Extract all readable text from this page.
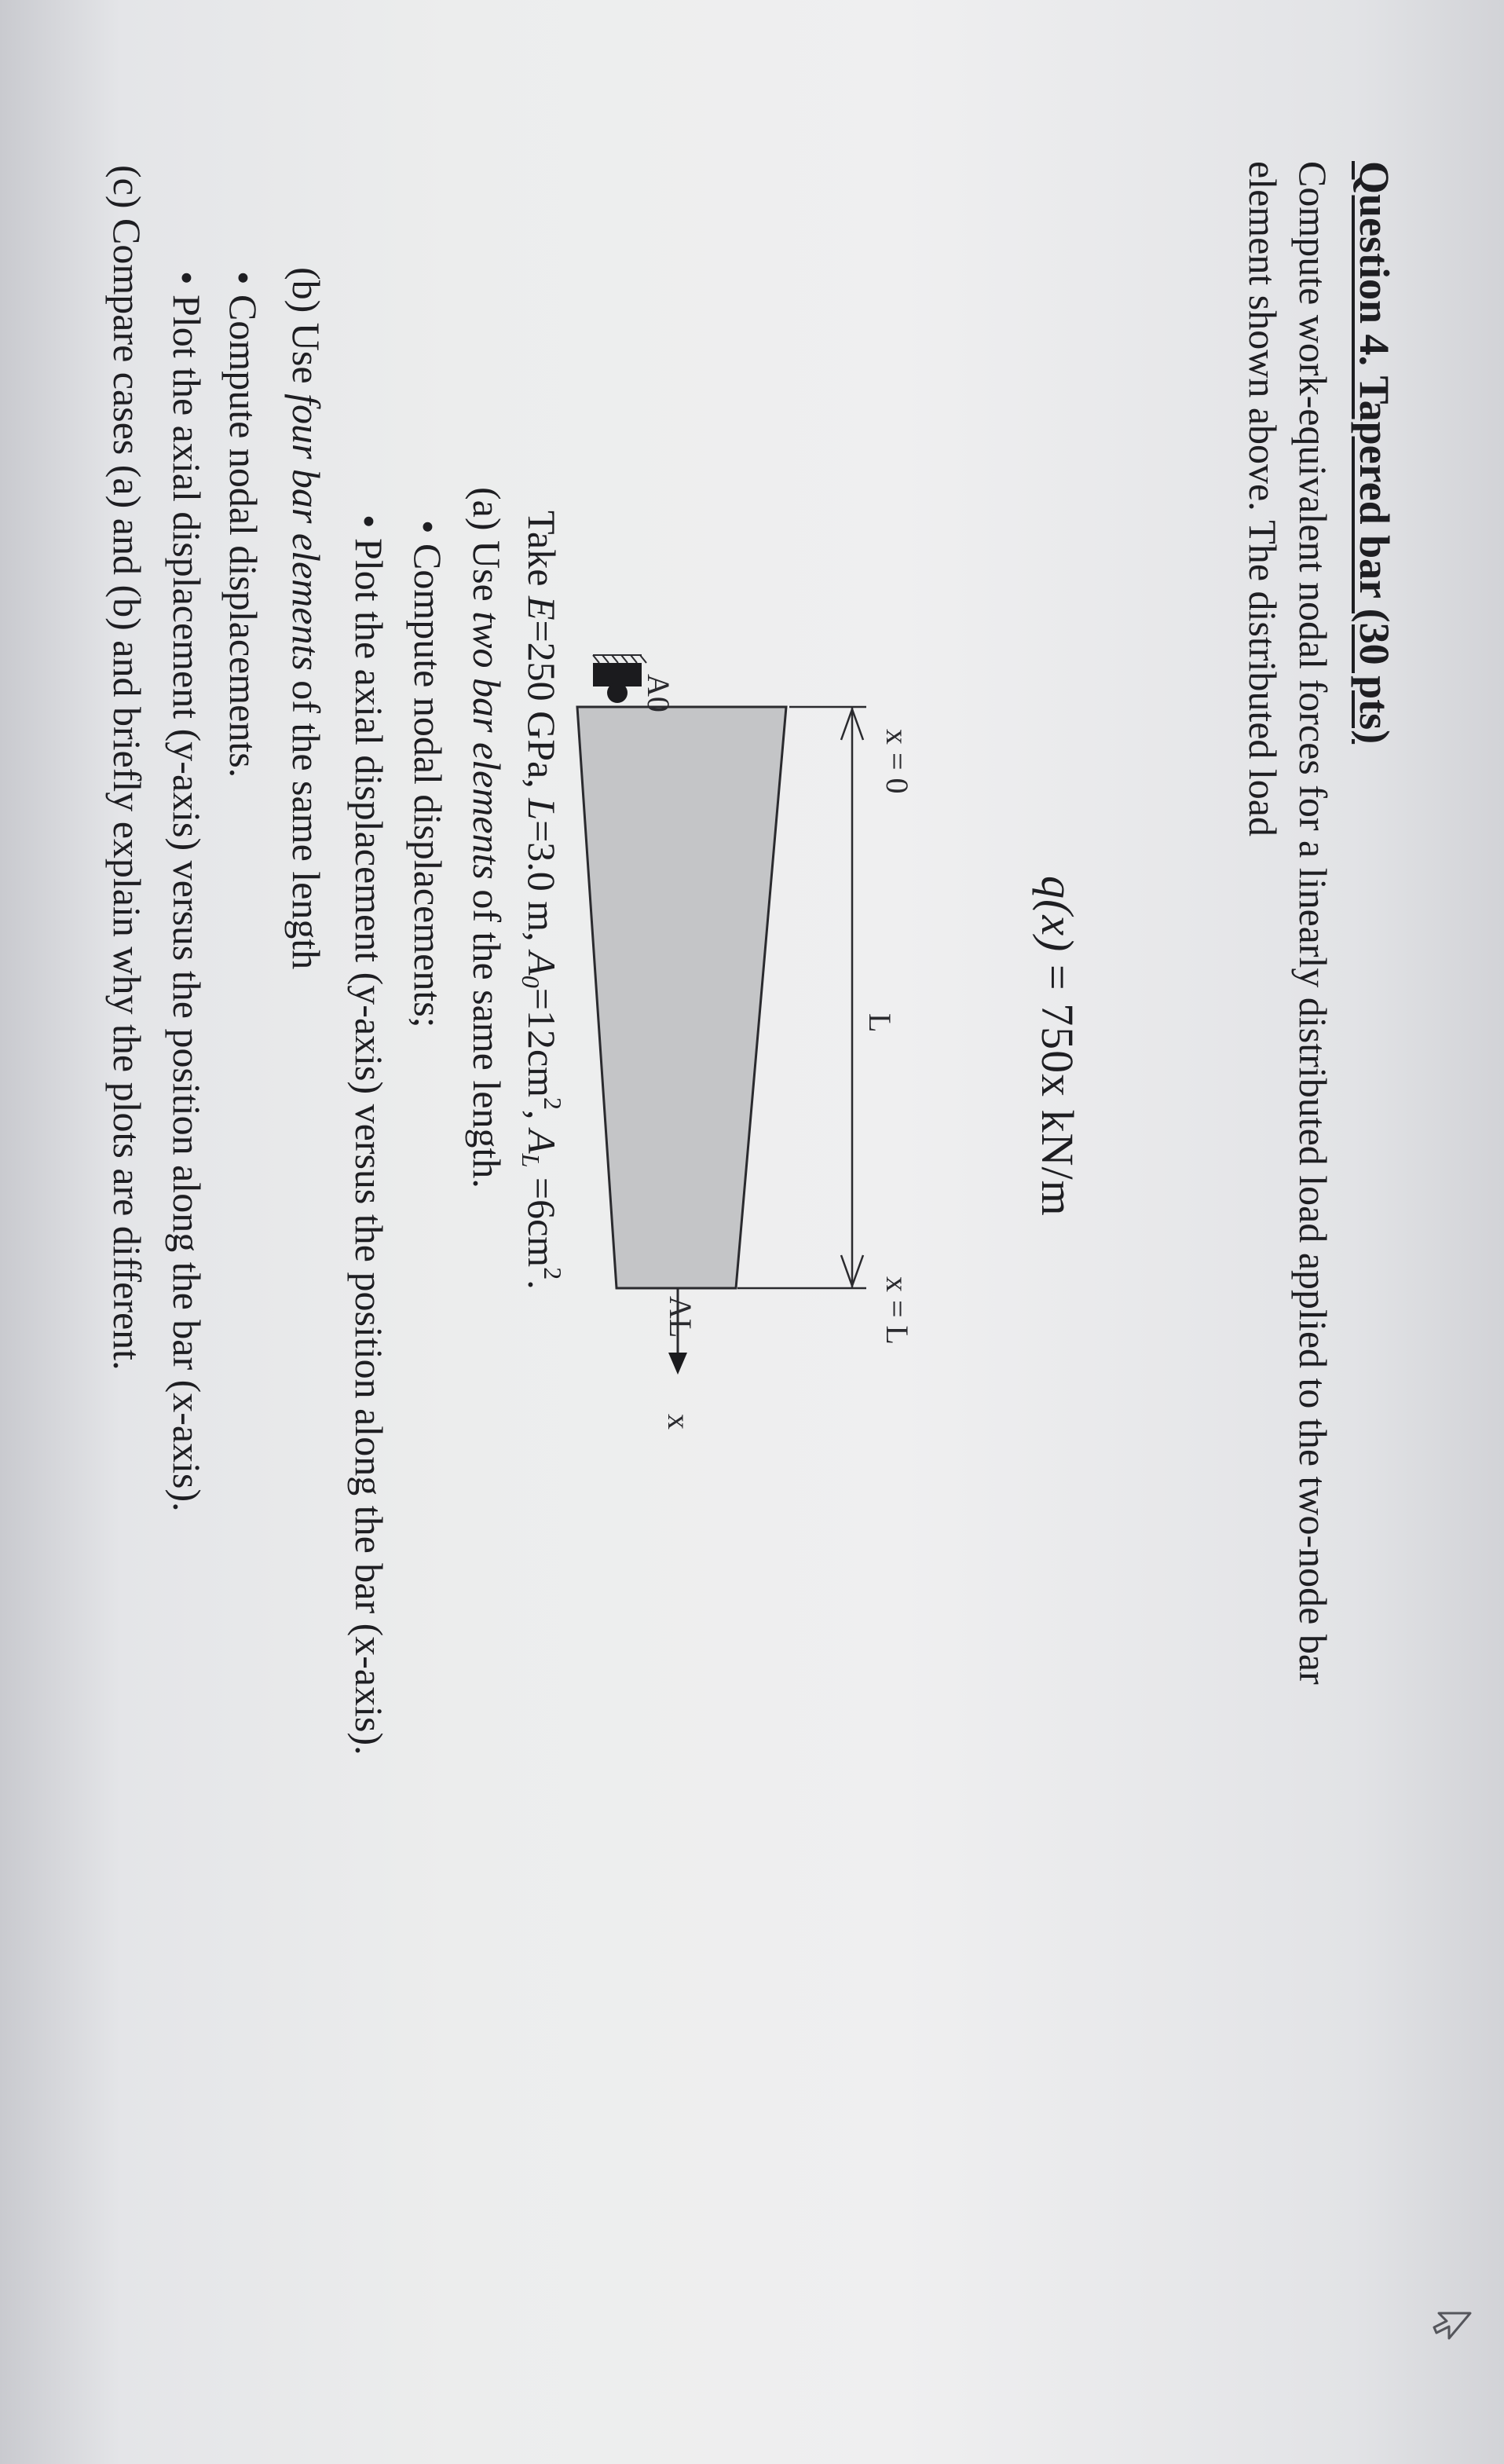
Question 4. Tapered bar (30 pts)
Compute work-equivalent nodal forces for a linearly distributed load applied to the two-node bar
element shown above. The distributed load
q(x) = 750x kN/m
x = 0
x = L
A0
AL
L
x
Take E=250 GPa, L=3.0 m, $A_0=12cm^2$, $A_L =6cm^2$.
(a) Use two bar elements of the same length.
• Compute nodal displacements;
• Plot the axial displacement (y-axis) versus the position along the bar (x-axis).
(b) Use four bar elements of the same length
• Compute nodal displacements.
• Plot the axial displacement (y-axis) versus the position along the bar (x-axis).
(c) Compare cases (a) and (b) and briefly explain why the plots are different.
